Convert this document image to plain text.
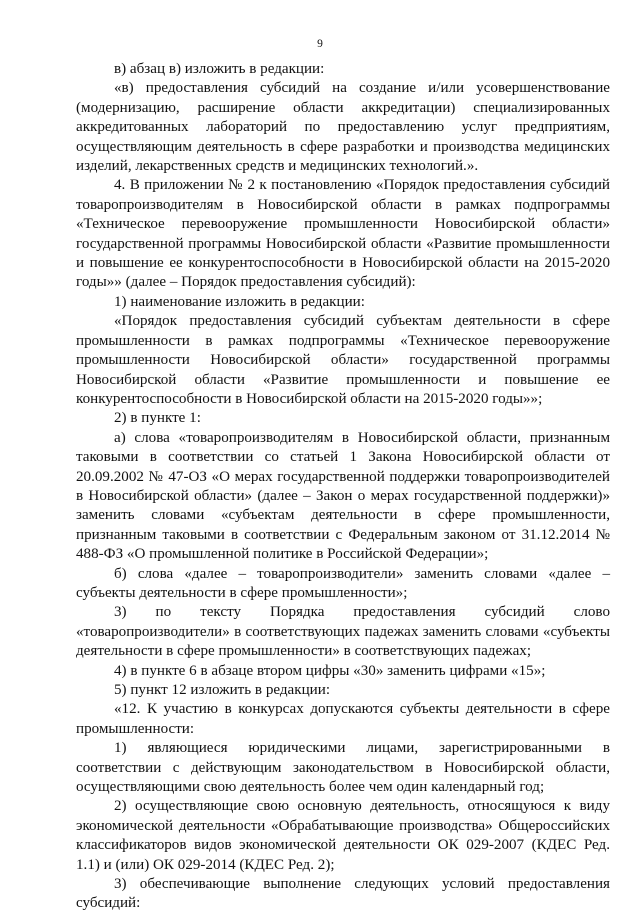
9

в) абзац в) изложить в редакции:

«в) предоставления субсидий на создание и/или усовершенствование (модернизацию, расширение области аккредитации) специализированных аккредитованных лабораторий по предоставлению услуг предприятиям, осуществляющим деятельность в сфере разработки и производства медицинских изделий, лекарственных средств и медицинских технологий.».

4. В приложении № 2 к постановлению «Порядок предоставления субсидий товаропроизводителям в Новосибирской области в рамках подпрограммы «Техническое перевооружение промышленности Новосибирской области» государственной программы Новосибирской области «Развитие промышленности и повышение ее конкурентоспособности в Новосибирской области на 2015-2020 годы»» (далее – Порядок предоставления субсидий):

1) наименование изложить в редакции:

«Порядок предоставления субсидий субъектам деятельности в сфере промышленности в рамках подпрограммы «Техническое перевооружение промышленности Новосибирской области» государственной программы Новосибирской области «Развитие промышленности и повышение ее конкурентоспособности в Новосибирской области на 2015-2020 годы»»;

2) в пункте 1:

а) слова «товаропроизводителям в Новосибирской области, признанным таковыми в соответствии со статьей 1 Закона Новосибирской области от 20.09.2002 № 47-ОЗ «О мерах государственной поддержки товаропроизводителей в Новосибирской области» (далее – Закон о мерах государственной поддержки)» заменить словами «субъектам деятельности в сфере промышленности, признанным таковыми в соответствии с Федеральным законом от 31.12.2014 № 488-ФЗ «О промышленной политике в Российской Федерации»;

б) слова «далее – товаропроизводители» заменить словами «далее – субъекты деятельности в сфере промышленности»;

3) по тексту Порядка предоставления субсидий слово «товаропроизводители» в соответствующих падежах заменить словами «субъекты деятельности в сфере промышленности» в соответствующих падежах;

4) в пункте 6 в абзаце втором цифры «30» заменить цифрами «15»;

5) пункт 12 изложить в редакции:

«12. К участию в конкурсах допускаются субъекты деятельности в сфере промышленности:

1) являющиеся юридическими лицами, зарегистрированными в соответствии с действующим законодательством в Новосибирской области, осуществляющими свою деятельность более чем один календарный год;

2) осуществляющие свою основную деятельность, относящуюся к виду экономической деятельности «Обрабатывающие производства» Общероссийских классификаторов видов экономической деятельности ОК 029-2007 (КДЕС Ред. 1.1) и (или) ОК 029-2014 (КДЕС Ред. 2);

3) обеспечивающие выполнение следующих условий предоставления субсидий:
